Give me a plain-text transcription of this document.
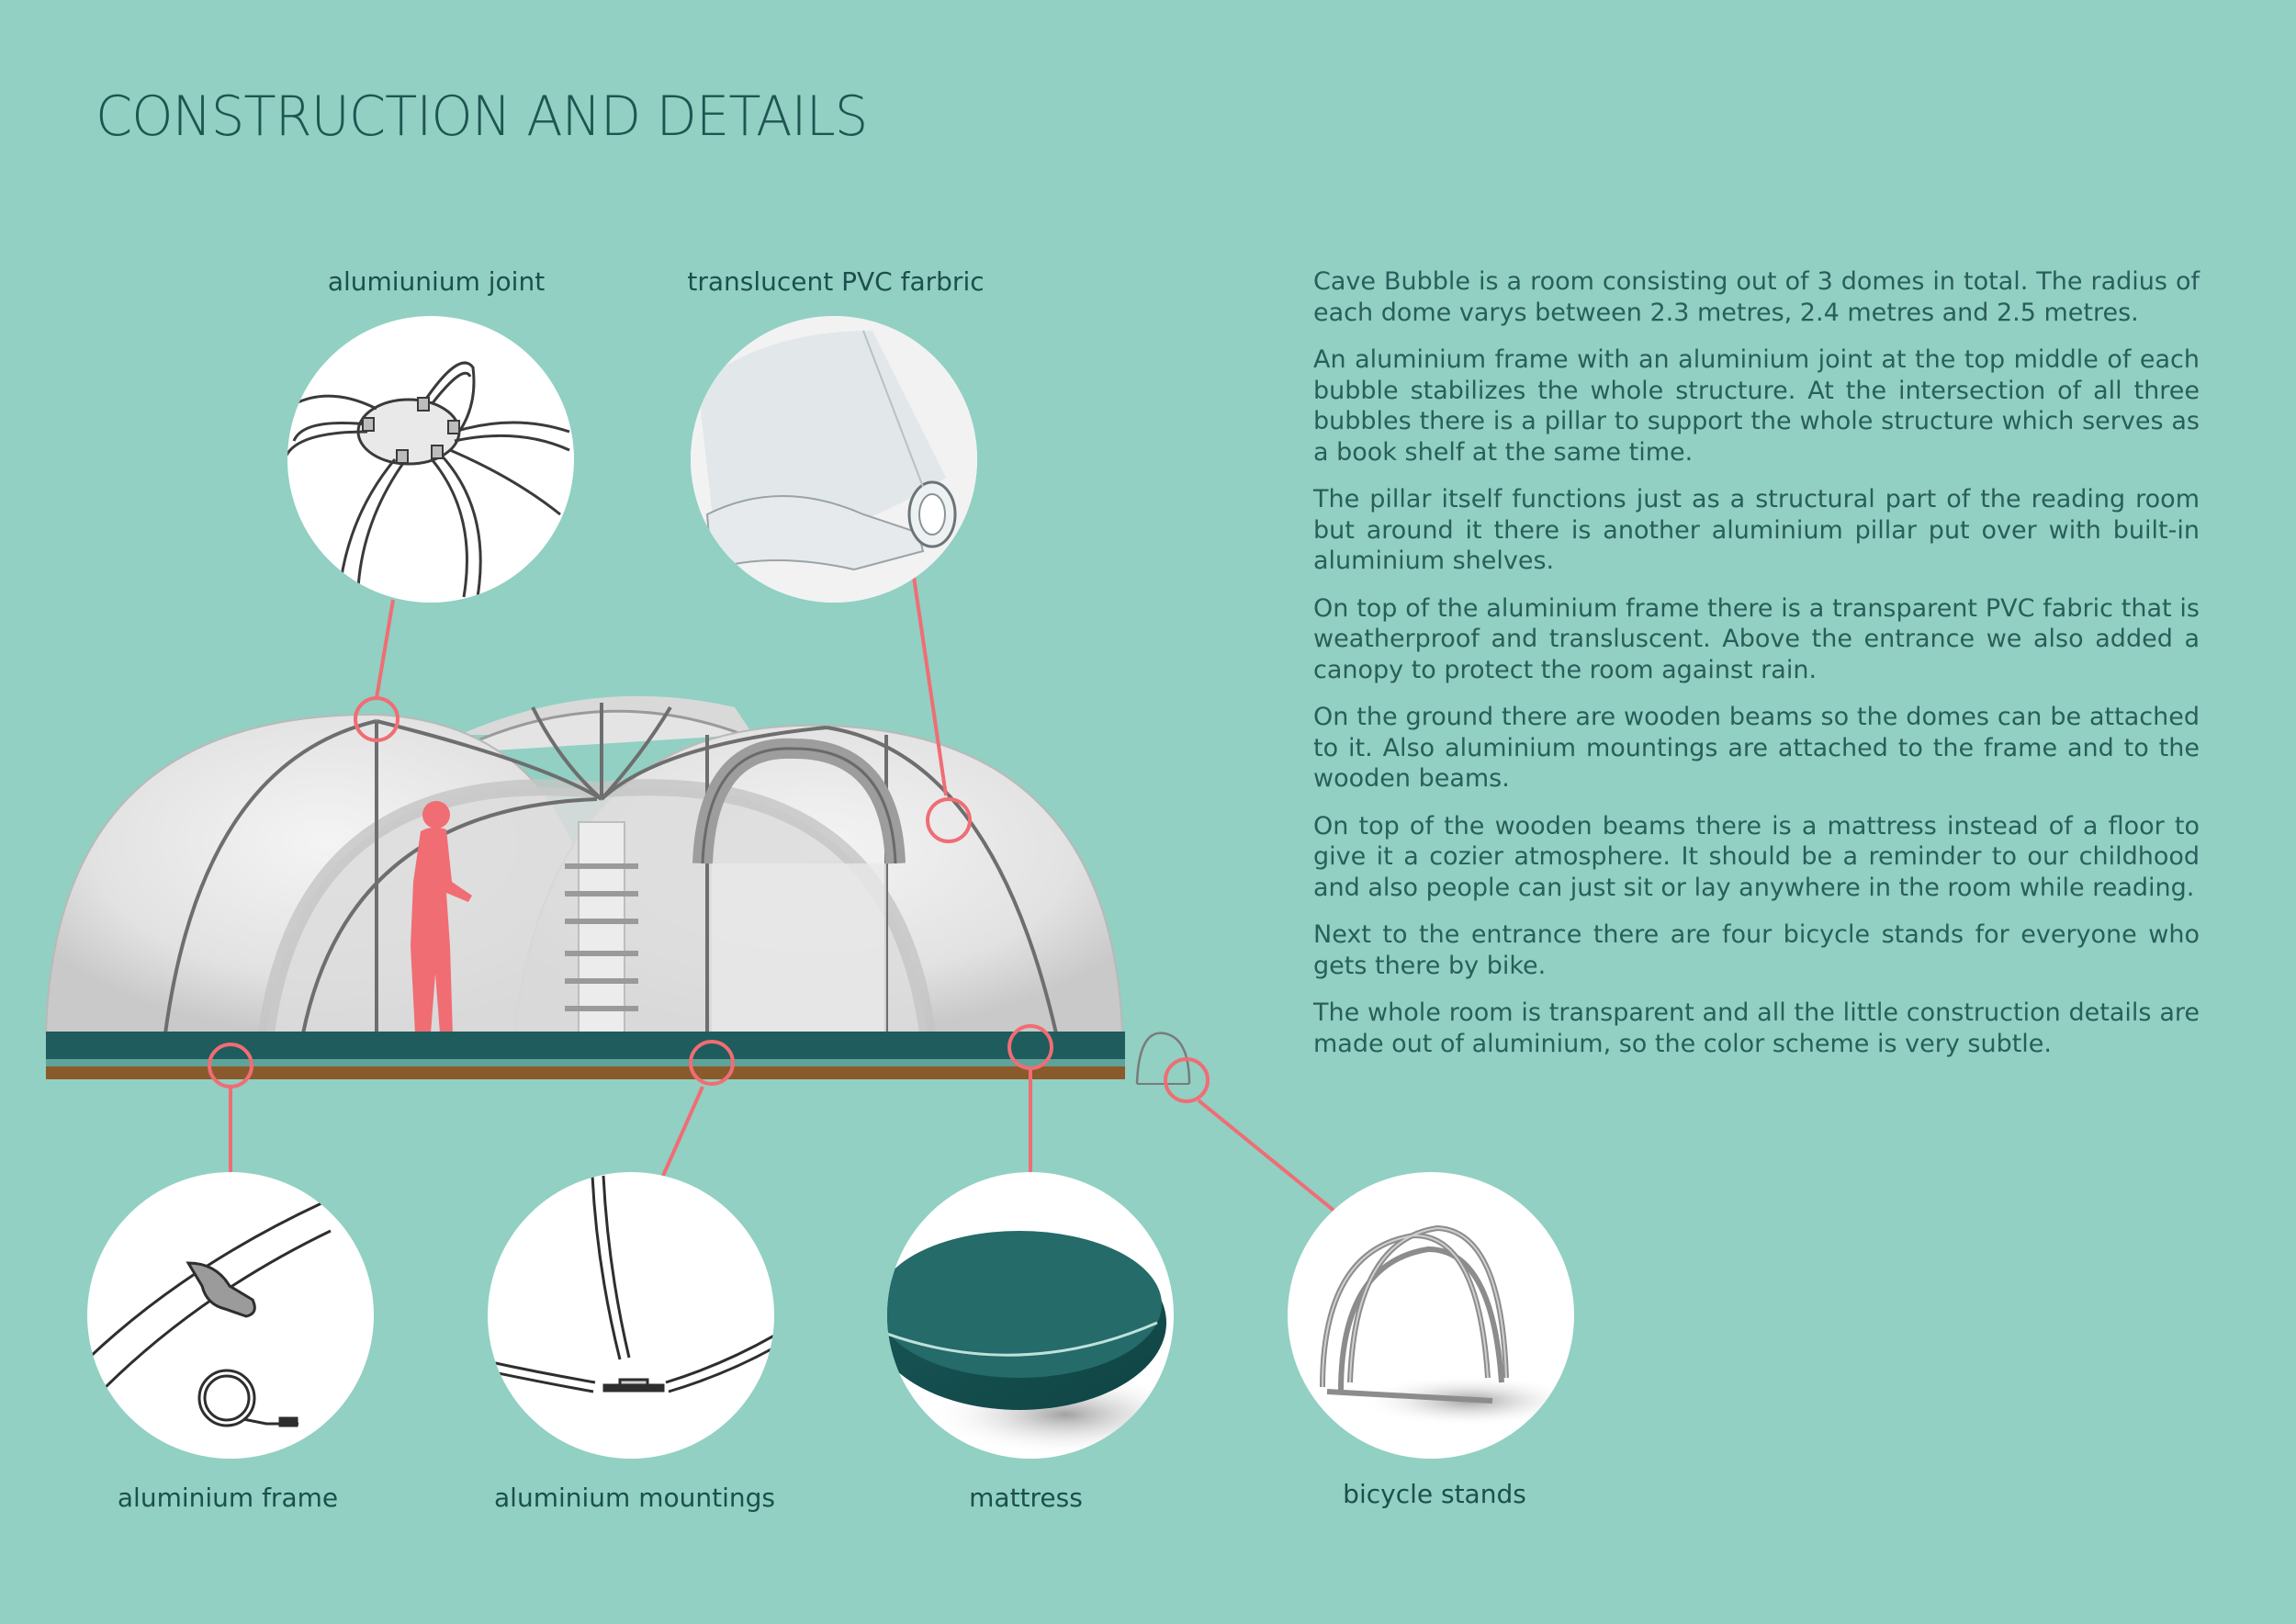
CONSTRUCTION AND DETAILS
alumiunium joint	translucent PVC farbric
aluminium frame	aluminium mountings	mattress	bicycle stands

Cave Bubble is a room consisting out of 3 domes in total. The radius of each dome varys between 2.3 metres, 2.4 metres and 2.5 metres.

An aluminium frame with an aluminium joint at the top middle of each bubble stabilizes the whole structure. At the intersection of all three bubbles there is a pillar to support the whole structure which serves as a book shelf at the same time.

The pillar itself functions just as a structural part of the reading room but around it there is another aluminium pillar put over with built-in aluminium shelves.

On top of the aluminium frame there is a transparent PVC fabric that is weatherproof and transluscent. Above the entrance we also added a canopy to protect the room against rain.

On the ground there are wooden beams so the domes can be attached to it. Also aluminium mountings are attached to the frame and to the wooden beams.

On top of the wooden beams there is a mattress instead of a floor to give it a cozier atmosphere. It should be a reminder to our childhood and also people can just sit or lay anywhere in the room while reading.

Next to the entrance there are four bicycle stands for everyone who gets there by bike.

The whole room is transparent and all the little construction details are made out of aluminium, so the color scheme is very subtle.
